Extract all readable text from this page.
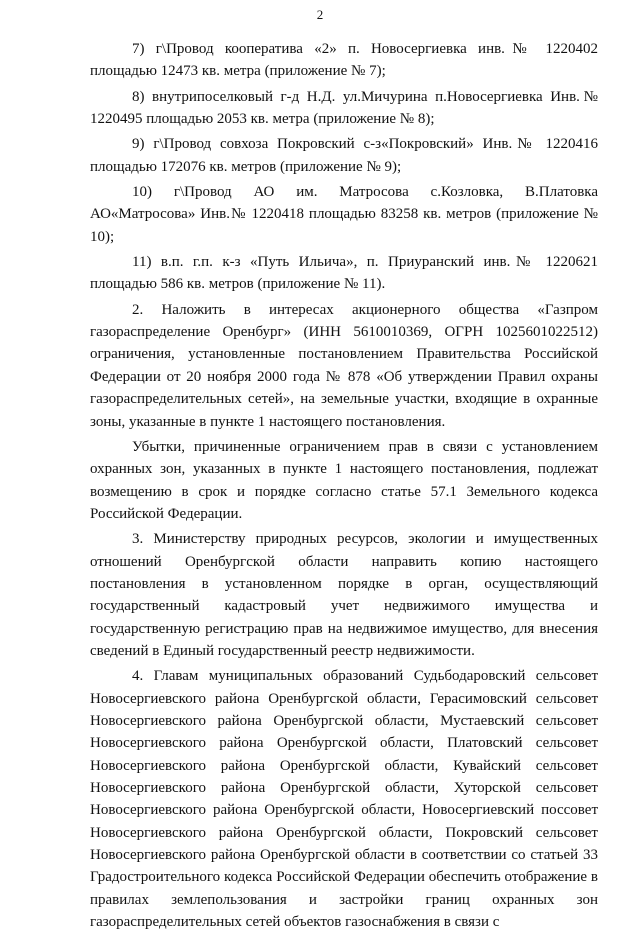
2

7) г\Провод кооператива «2» п. Новосергиевка инв.№ 1220402 площадью 12473 кв. метра (приложение № 7);

8) внутрипоселковый г-д Н.Д. ул.Мичурина п.Новосергиевка Инв.№ 1220495 площадью 2053 кв. метра (приложение № 8);

9) г\Провод совхоза Покровский с-з«Покровский» Инв.№ 1220416 площадью 172076 кв. метров (приложение № 9);

10) г\Провод АО им. Матросова с.Козловка, В.Платовка АО«Матросова» Инв.№ 1220418 площадью 83258 кв. метров (приложение № 10);

11) в.п. г.п. к-з «Путь Ильича», п. Приуранский инв.№ 1220621 площадью 586 кв. метров (приложение № 11).

2. Наложить в интересах акционерного общества «Газпром газораспределение Оренбург» (ИНН 5610010369, ОГРН 1025601022512) ограничения, установленные постановлением Правительства Российской Федерации от 20 ноября 2000 года № 878 «Об утверждении Правил охраны газораспределительных сетей», на земельные участки, входящие в охранные зоны, указанные в пункте 1 настоящего постановления.

Убытки, причиненные ограничением прав в связи с установлением охранных зон, указанных в пункте 1 настоящего постановления, подлежат возмещению в срок и порядке согласно статье 57.1 Земельного кодекса Российской Федерации.

3. Министерству природных ресурсов, экологии и имущественных отношений Оренбургской области направить копию настоящего постановления в установленном порядке в орган, осуществляющий государственный кадастровый учет недвижимого имущества и государственную регистрацию прав на недвижимое имущество, для внесения сведений в Единый государственный реестр недвижимости.

4. Главам муниципальных образований Судьбодаровский сельсовет Новосергиевского района Оренбургской области, Герасимовский сельсовет Новосергиевского района Оренбургской области, Мустаевский сельсовет Новосергиевского района Оренбургской области, Платовский сельсовет Новосергиевского района Оренбургской области, Кувайский сельсовет Новосергиевского района Оренбургской области, Хуторской сельсовет Новосергиевского района Оренбургской области, Новосергиевский поссовет Новосергиевского района Оренбургской области, Покровский сельсовет Новосергиевского района Оренбургской области в соответствии со статьей 33 Градостроительного кодекса Российской Федерации обеспечить отображение в правилах землепользования и застройки границ охранных зон газораспределительных сетей объектов газоснабжения в связи с
